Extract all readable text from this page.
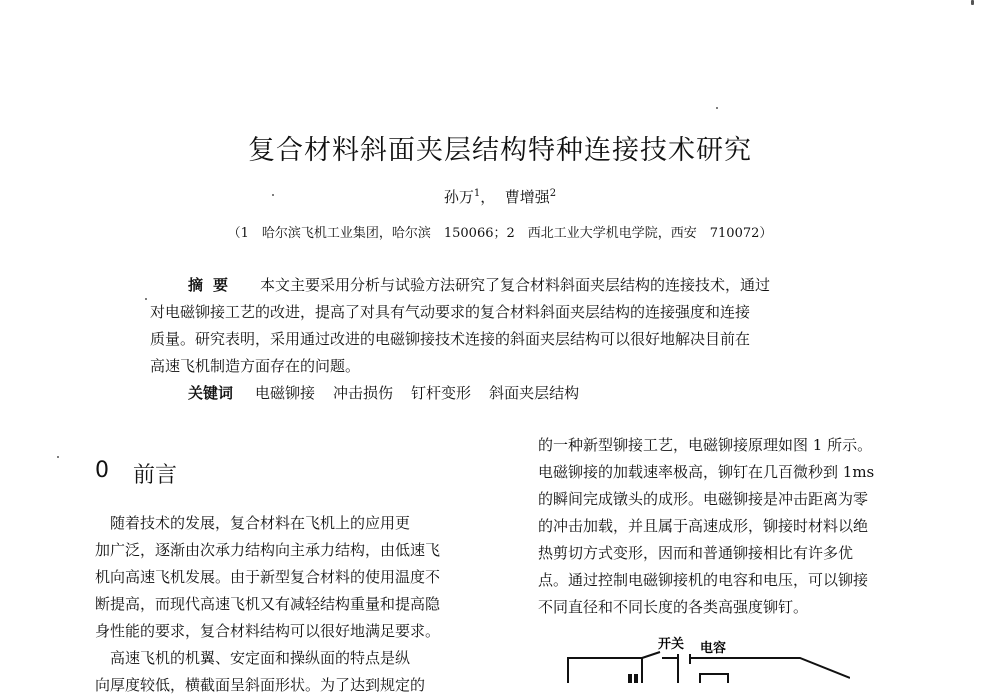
复合材料斜面夹层结构特种连接技术研究
孙万$^1$， 曹增强$^2$
（1　哈尔滨飞机工业集团，哈尔滨　150066；2　西北工业大学机电学院，西安　710072）
摘要 本文主要采用分析与试验方法研究了复合材料斜面夹层结构的连接技术，通过
对电磁铆接工艺的改进，提高了对具有气动要求的复合材料斜面夹层结构的连接强度和连接
质量。研究表明，采用通过改进的电磁铆接技术连接的斜面夹层结构可以很好地解决目前在
高速飞机制造方面存在的问题。
关键词 电磁铆接 冲击损伤 钉杆变形 斜面夹层结构
0 前言
　随着技术的发展，复合材料在飞机上的应用更
加广泛，逐渐由次承力结构向主承力结构，由低速飞
机向高速飞机发展。由于新型复合材料的使用温度不
断提高，而现代高速飞机又有减轻结构重量和提高隐
身性能的要求，复合材料结构可以很好地满足要求。
　高速飞机的机翼、安定面和操纵面的特点是纵
向厚度较低，横截面呈斜面形状。为了达到规定的
的一种新型铆接工艺，电磁铆接原理如图 1 所示。
电磁铆接的加载速率极高，铆钉在几百微秒到 1ms
的瞬间完成镦头的成形。电磁铆接是冲击距离为零
的冲击加载，并且属于高速成形，铆接时材料以绝
热剪切方式变形，因而和普通铆接相比有许多优
点。通过控制电磁铆接机的电容和电压，可以铆接
不同直径和不同长度的各类高强度铆钉。
开关 电容
